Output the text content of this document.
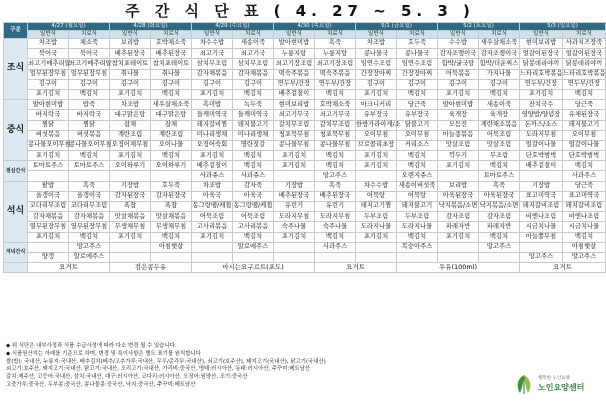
주 간 식 단 표 ( 4. 27 ~ 5. 3 )
구분	4/27 (월요일)		4/28 (화요일)		4/29 (수요일)		4/30 (목요일)		5/1 (금요일)		5/2 (토요일)		5/3 (일요일)	
	일반식	치료식	일반식	치료식	일반식	치료식	일반식	치료식	일반식	치료식	일반식	치료식	일반식	치료식
조식	차조밥	채소죽	보리밥	호박채소죽	차수수밥	새송이죽	발아현미밥	흑죽	차조밥	호두죽	수수밥	새우살채소죽	현미보리밥	사과치즈장죽
	북어국	북어국	배추된장국	배추된장국	쇠고기국	쇠고기국	누룽지탕	누룽지탕	콩나물국	콩나물국	감자조랭이국	감자조랭이국	얼갈이된장국	얼갈이된장국
	쇠고기메추리알	쇠고기메추리알	참치포테이토	참치포테이토	삼치무조림	삼치무조림	쇠고기장조림	쇠고기장조림	임연수조림	임연수조림	함박/굴국탕	함박/더운찌스	닭봉데리야끼	닭봉데리야끼
	얼무된장무침	얼무된장무침	취나물	취나물	감자채볶음	감자채볶음	떡숙주볶음	떡숙주볶음	간장장아찌	간장장아찌	어묵볶음	가지나물	느타리호박볶음	느타리호박볶음
	김구이	김구이	김구이	김구이	김구이	김구이	연두부/간장	연두부/간장	김구이	김구이	김구이	김구이	연두부/간장	연두부/간장
	포기김치	백김치	포기김치	백김치	포기김치	백김치	배추겉절이	백김치	포기김치	백김치	포기김치	백김치	포기김치	백김치
중식	발아현미밥	밥죽	차조밥	새우살채소죽	흑미밥	녹두죽	현미보리밥	호박채소죽	마크니커리	당근죽	발아현미밥	새송이죽	잔치국수	당근죽
	바지락국	바지락국	대구맑은탕	대구맑은탕	들깨미역국	들깨미역국	쇠고기무국	쇠고기무국	유부장국	유부장국	육개장	육개장	영양밥/양념장	유채된장국
	찜닭	찜닭	잡채	잡채	돼지갈비찜	돼지불고기	갈치무조림	갈치무조림	한방가라아게/소	닭불고기	모듬전	계란채소볶음	돈까스/소스	돼지불고기
	버섯볶음	버섯볶음	계란조림	계란조림	미나리생채	미나리생채	청포묵무침	청포묵무침	오이무침	오이무침	마늘종볶음	어묵조림	도라지무침	오이무침
	콩나물오이무침	콩나물오이무침	오징어채무침	오이나물	오징어숙회	명란젓갈	콩나물무침	콩나물무침	브로콜리초장	커리소스	맛살조림	맛살조림	얼갈이나물	얼갈이나물
	포기김치	백김치	포기김치	백김치	포기김치	백김치	포기김치	백김치	포기김치	백김치	깍두기	무조림	단호박범벅	단호박범벅
점심간식	토마토주스	토마토주스	오이하루기	오이하루기	배추겉절이	백김치	포기김치	백김치	포기김치	백김치	포기김치	백김치	배추겉절이	백김치
					사과쥬스	사과쥬스		망고주스		오렌지쥬스		토마토주스		사과주스
석식	팥밥	흑죽	기장밥	호두죽	차조밥	감자죽	기장밥	흑죽	차수수밥	새송이버섯죽	보리밥	흑죽	기장밥	당근죽
	올갱이국	올갱이국	감자된장국	감자된장국	아욱국	아욱국	배추된장국	배추된장국	어묵탕	어묵탕	아욱된장국	아욱된장국	표고미역국	표고미역국
	코다리무조림	코다리무조림	폭찹	폭찹	동그랑땡/케첩	동그랑땡/케첩	유린기	유린기	돼지고기찜	돼지불고기	낙지볶음/소면	낙지볶음/소면	돼지갈비조림	돼지갈비조림
	감자채볶음	감자채볶음	맛살채볶음	맛살채볶음	어묵조림	어묵조림	도라지무침	도라지무침	두부조림	두부조림	감자조림	감자조림	비엔나조림	비엔나조림
	열무된장무침	열무된장무침	무생채무침	무생채무침	고사리볶음	고사리볶음	숙주나물	숙주나물	도라지나물	도라지나물	파래자반	파래자반	시금치나물	시금치나물
	포기김치	백김치	포기김치	백김치	포기김치	백김치	포기김치	백김치	포기김치	백김치	포기김치	백김치	마늘쫑무침	백김치
저녁간식		망고주스		아침햇살		알로에주스		사과주스		복숭아주스		망고주스		아침햇살
	양갱	알로에주스											망고주스	망고주스
	요거트		검은콩두유		마시는요구르트(포도)			요거트		우유(100ml)			요거트	
◆ 위 식단은 내부사정과 식품 수급사정에 따라 다소 변경 될 수 있습니다.
◆ 식품원산지는 아래를 기준으로 하며, 변경 및 특이사항은 별도 표기를 원칙합니다
쌀(밥): 국내산, 누룽지:국내산, 배추김치(배추/고추가루:국내산, 무우/총각무:국내산), 쇠고기(호주산), 돼지고기(국내산), 닭고기(국내산)
쇠고기:호주산, 돼지고기:국내산, 닭고기:국내산, 오리고기:국내산, 가리비:중국산, 명태:러시아산, 동태:러시아산, 주꾸미:베트남산
갈치:제주산, 고등어:국내산, 삼치:국내산, 대구:러시아산, 코다리:러시아산, 오징어:원양산, 조기:중국산
고춧가루:중국산, 두부콩:중국산, 콩나물콩:중국산, 낙지:중국산, 쭈꾸미:베트남산
행복한 노인요양
노인요양센터
